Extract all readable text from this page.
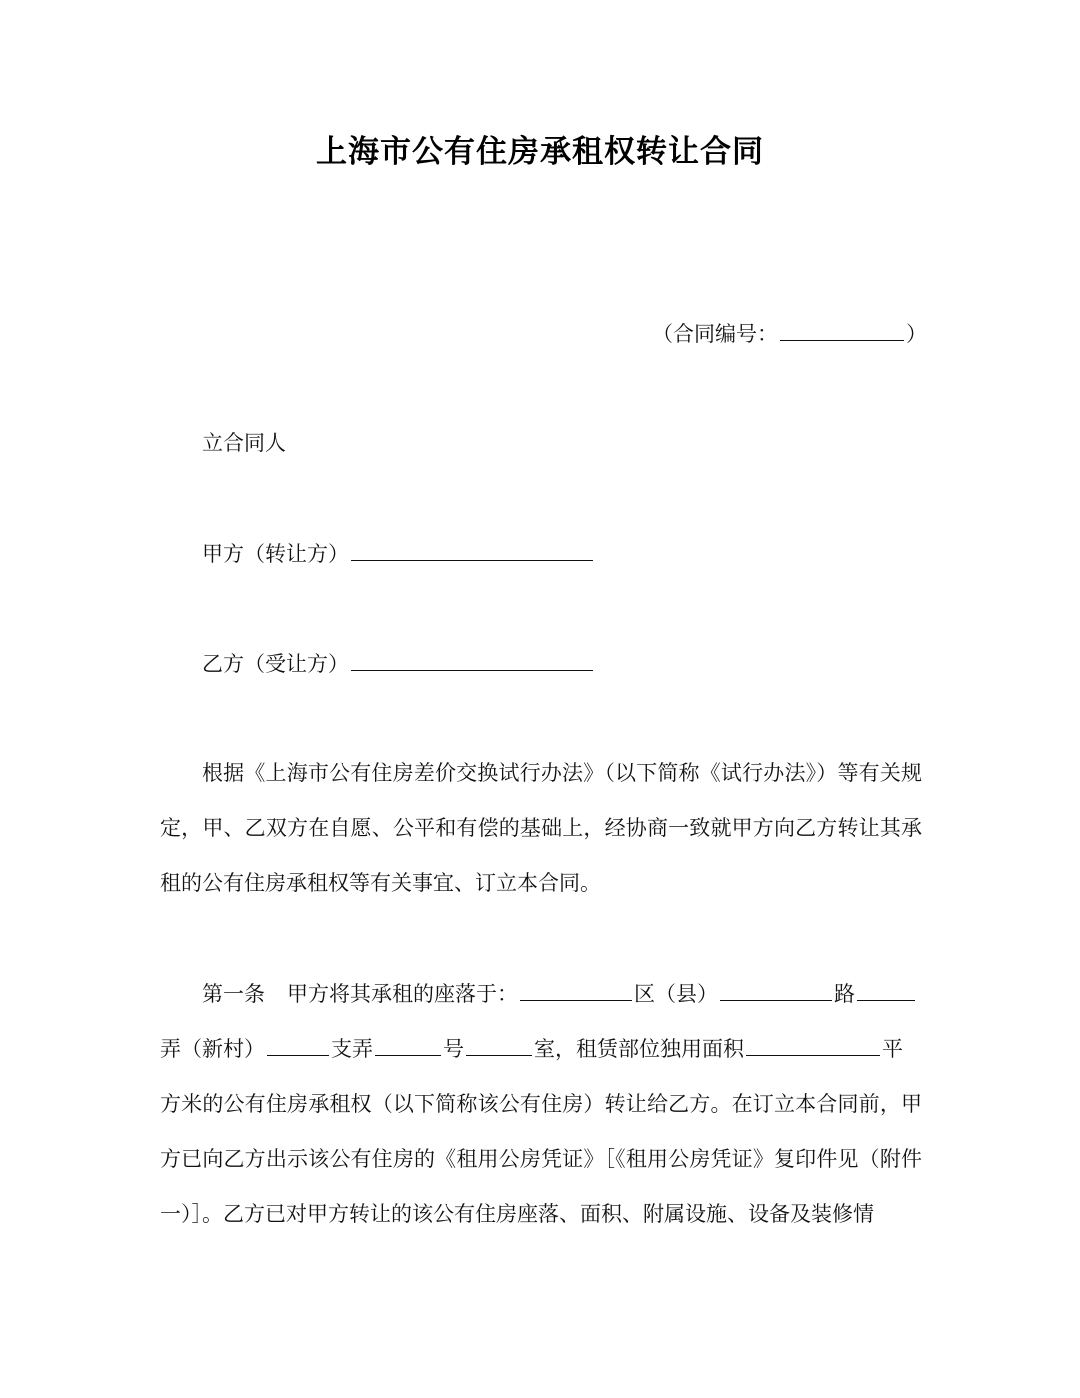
上海市公有住房承租权转让合同
（合同编号：	）
立合同人
甲方（转让方）
乙方（受让方）
根据《上海市公有住房差价交换试行办法》（以下简称《试行办法》）等有关规定，甲、乙双方在自愿、公平和有偿的基础上，经协商一致就甲方向乙方转让其承租的公有住房承租权等有关事宜、订立本合同。
第一条 甲方将其承租的座落于：	区（县）	路
弄（新村）	支弄	号	室，租赁部位独用面积	平
方米的公有住房承租权（以下简称该公有住房）转让给乙方。在订立本合同前，甲方已向乙方出示该公有住房的《租用公房凭证》［《租用公房凭证》复印件见（附件一）］。乙方已对甲方转让的该公有住房座落、面积、附属设施、设备及装修情
